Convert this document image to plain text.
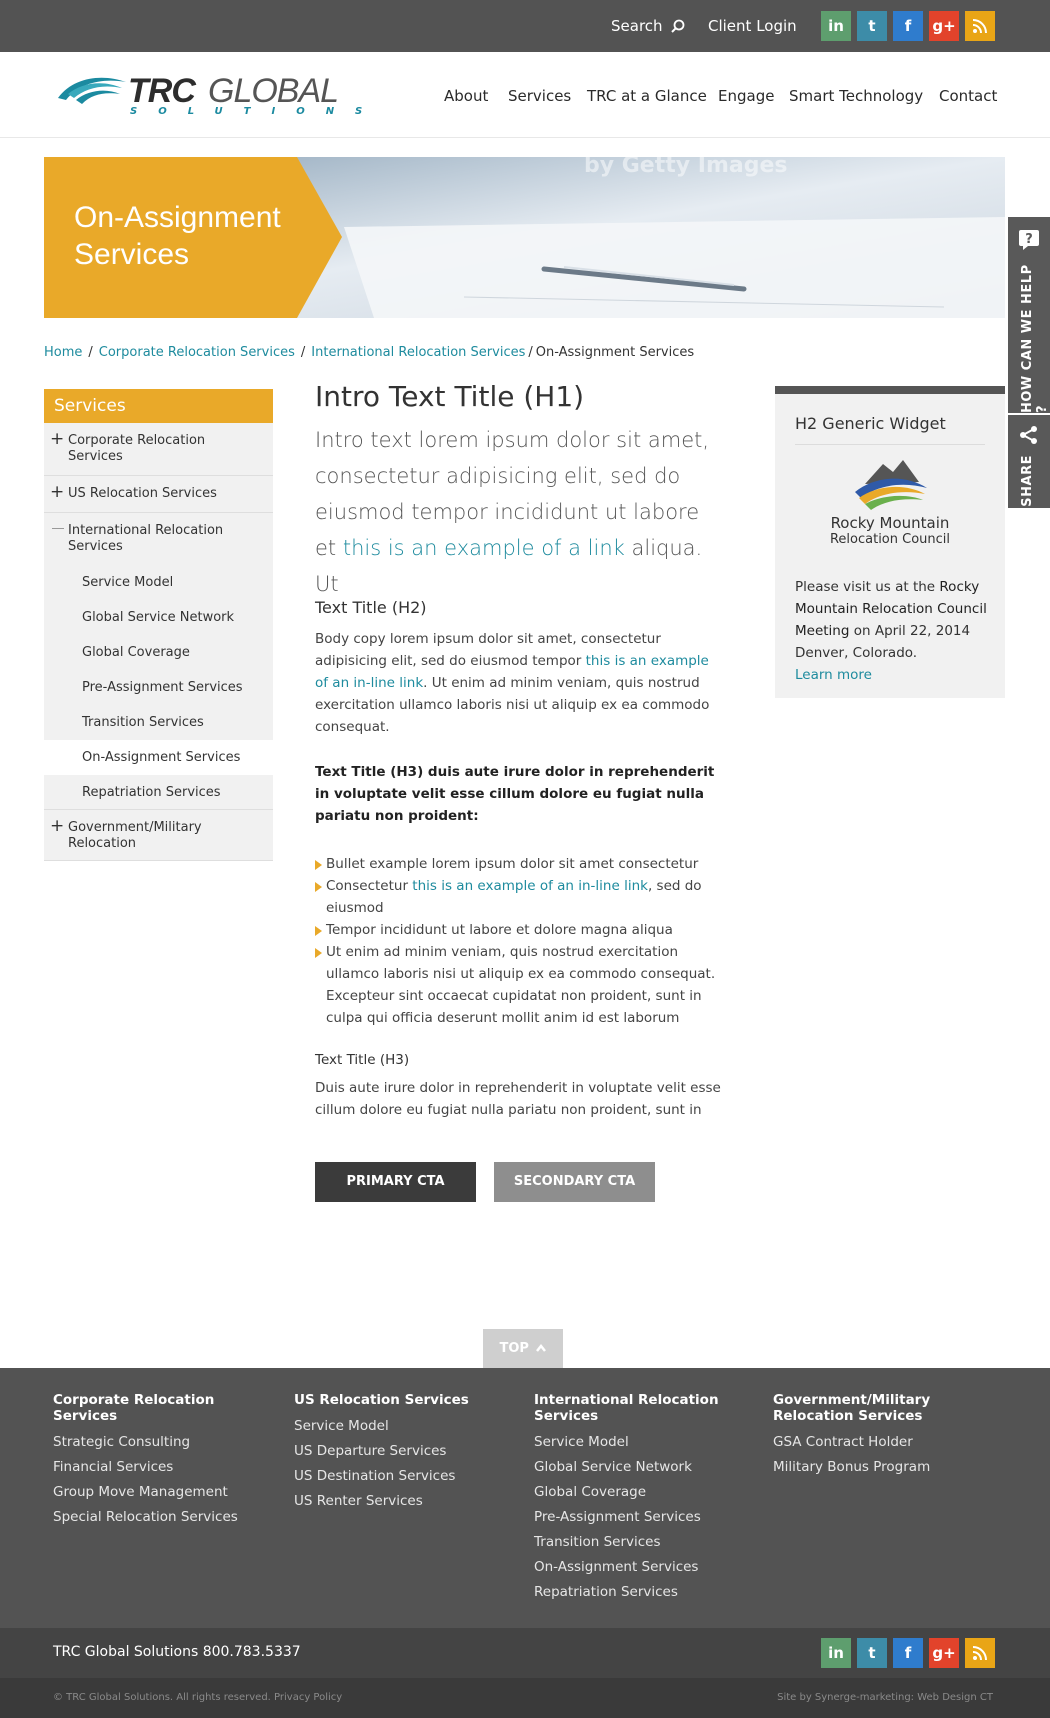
Search	Client Login	in	t	f	g+
TRC GLOBAL
SOLUTIONS
About Services TRC at a Glance Engage Smart Technology Contact
by Getty Images
On-Assignment
Services	?
HOW CAN WE HELP ?
SHARE
Home / Corporate Relocation Services / International Relocation Services / On-Assignment Services
Services
+ Corporate Relocation Services
+ US Relocation Services
International Relocation Services
Service Model
Global Service Network
Global Coverage
Pre-Assignment Services
Transition Services
On-Assignment Services
Repatriation Services
+ Government/Military Relocation
Intro Text Title (H1)
Intro text lorem ipsum dolor sit amet, consectetur adipisicing elit, sed do eiusmod tempor incididunt ut labore et this is an example of a link aliqua. Ut
Text Title (H2)
Body copy lorem ipsum dolor sit amet, consectetur adipisicing elit, sed do eiusmod tempor this is an example of an in-line link. Ut enim ad minim veniam, quis nostrud exercitation ullamco laboris nisi ut aliquip ex ea commodo consequat.
Text Title (H3) duis aute irure dolor in reprehenderit in voluptate velit esse cillum dolore eu fugiat nulla pariatu non proident:
Bullet example lorem ipsum dolor sit amet consectetur
Consectetur this is an example of an in-line link, sed do eiusmod
Tempor incididunt ut labore et dolore magna aliqua
Ut enim ad minim veniam, quis nostrud exercitation ullamco laboris nisi ut aliquip ex ea commodo consequat. Excepteur sint occaecat cupidatat non proident, sunt in culpa qui officia deserunt mollit anim id est laborum
Text Title (H3)
Duis aute irure dolor in reprehenderit in voluptate velit esse cillum dolore eu fugiat nulla pariatu non proident, sunt in
PRIMARY CTA	SECONDARY CTA
H2 Generic Widget
Rocky Mountain
Relocation Council
Please visit us at the Rocky Mountain Relocation Council Meeting on April 22, 2014 Denver, Colorado.
Learn more
TOP
Corporate Relocation Services
Strategic Consulting
Financial Services
Group Move Management
Special Relocation Services
US Relocation Services
Service Model
US Departure Services
US Destination Services
US Renter Services
International Relocation Services
Service Model
Global Service Network
Global Coverage
Pre-Assignment Services
Transition Services
On-Assignment Services
Repatriation Services
Government/Military Relocation Services
GSA Contract Holder
Military Bonus Program
TRC Global Solutions 800.783.5337	in	t	f	g+
© TRC Global Solutions. All rights reserved. Privacy Policy	Site by Synerge-marketing: Web Design CT
